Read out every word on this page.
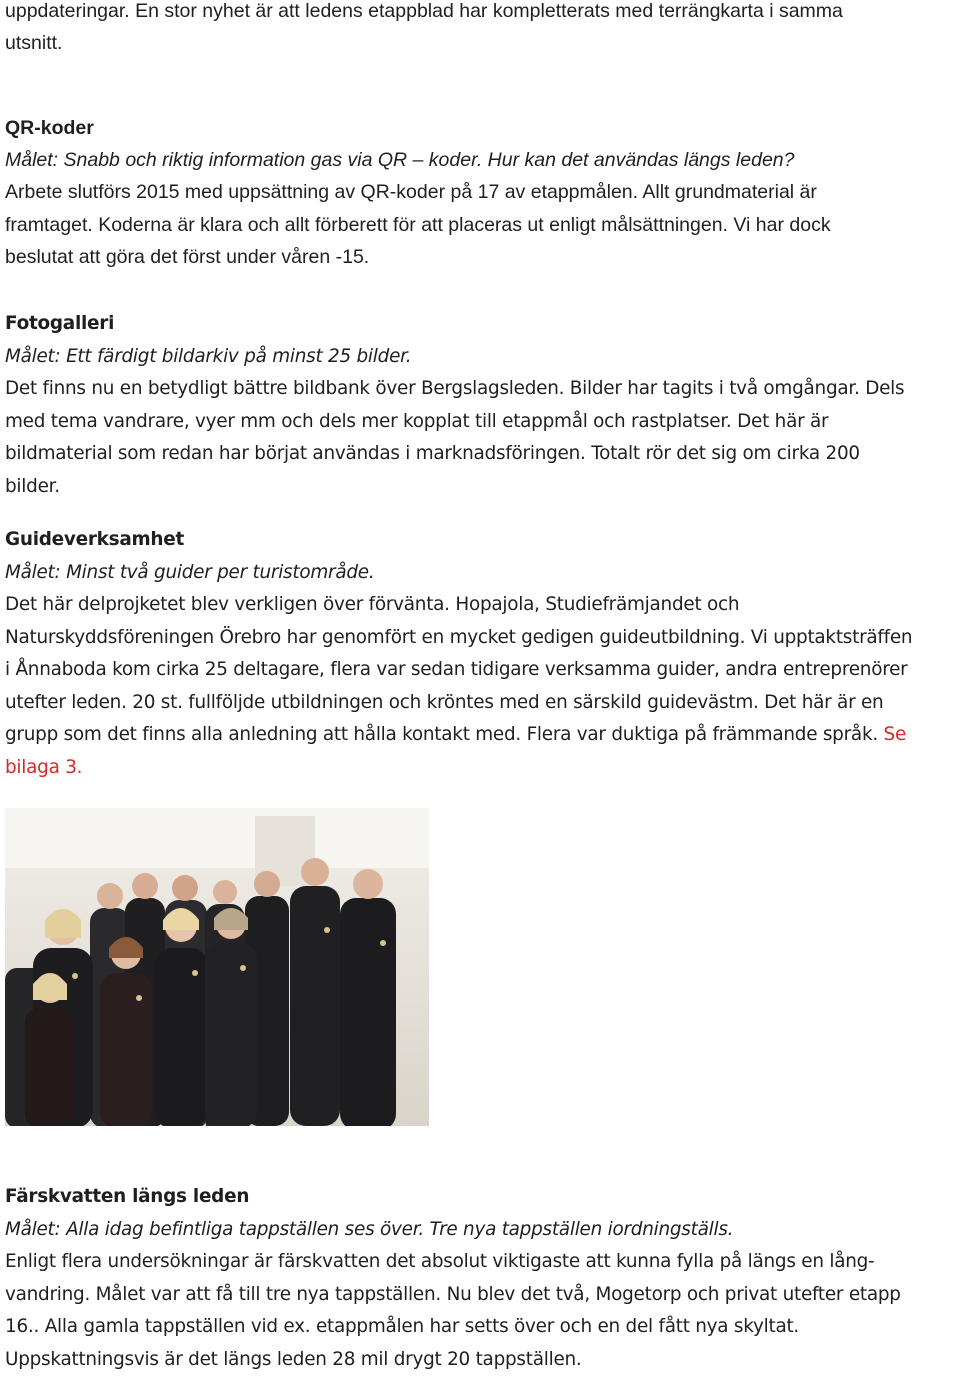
uppdateringar. En stor nyhet är att ledens etappblad har kompletterats med terrängkarta i samma
utsnitt.
QR-koder
Målet: Snabb och riktig information gas via QR – koder. Hur kan det användas längs leden?
Arbete slutförs 2015 med uppsättning av QR-koder på 17 av etappmålen. Allt grundmaterial är
framtaget. Koderna är klara och allt förberett för att placeras ut enligt målsättningen. Vi har dock
beslutat att göra det först under våren -15.
Fotogalleri
Målet: Ett färdigt bildarkiv på minst 25 bilder.
Det finns nu en betydligt bättre bildbank över Bergslagsleden. Bilder har tagits i två omgångar. Dels
med tema vandrare, vyer mm och dels mer kopplat till etappmål och rastplatser. Det här är
bildmaterial som redan har börjat användas i marknadsföringen. Totalt rör det sig om cirka 200
bilder.
Guideverksamhet
Målet: Minst två guider per turistområde.
Det här delprojketet blev verkligen över förvänta. Hopajola, Studiefrämjandet och
Naturskyddsföreningen Örebro har genomfört en mycket gedigen guideutbildning. Vi upptaktsträffen
i Ånnaboda kom cirka 25 deltagare, flera var sedan tidigare verksamma guider, andra entreprenörer
utefter leden. 20 st. fullföljde utbildningen och kröntes med en särskild guidevästm. Det här är en
grupp som det finns alla anledning att hålla kontakt med. Flera var duktiga på främmande språk. Se
bilaga 3.
Färskvatten längs leden
Målet: Alla idag befintliga tappställen ses över. Tre nya tappställen iordningställs.
Enligt flera undersökningar är färskvatten det absolut viktigaste att kunna fylla på längs en lång-
vandring. Målet var att få till tre nya tappställen. Nu blev det två, Mogetorp och privat utefter etapp
16.. Alla gamla tappställen vid ex. etappmålen har setts över och en del fått nya skyltat.
Uppskattningsvis är det längs leden 28 mil drygt 20 tappställen.
